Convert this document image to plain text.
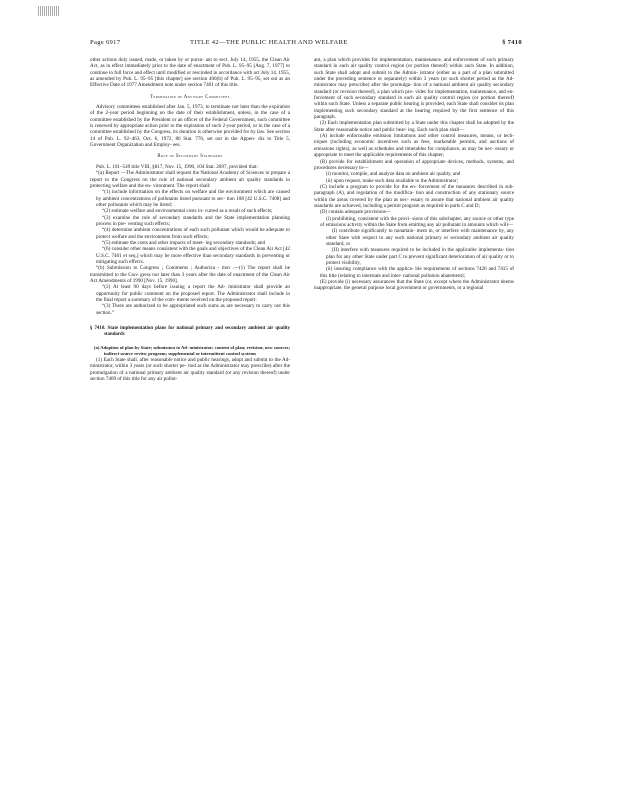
Page 6917	TITLE 42—THE PUBLIC HEALTH AND WELFARE	§ 7410

other actions duly issued, made, or taken by or pursu- ant to sect. July 14, 1955, the Clean Air Act, as in effect immediately prior to the date of enactment of Pub. L. 95–95 [Aug. 7, 1977] to continue in full force and effect until modified or rescinded in accordance with act July 14, 1955, as amended by Pub. L. 95–95 [this chapter] see section 406(b) of Pub. L. 95–95, set out as an Effective Date of 1977 Amendment note under section 7401 of this title.

Termination of Advisory Committees

Advisory committees established after Jan. 5, 1973, to terminate not later than the expiration of the 2-year period beginning on the date of their establishment, unless, in the case of a committee established by the President or an officer of the Federal Government, such committee is renewed by appropriate action prior to the expiration of such 2-year period, or in the case of a committee established by the Congress, its duration is otherwise provided for by law. See section 14 of Pub. L. 92–463, Oct. 6, 1972, 86 Stat. 776, set out in the Appen- dix to Title 5, Government Organization and Employ- ees.

Role of Secondary Standards

Pub. L. 101–549 title VIII, §817, Nov. 15, 1990, 104 Stat. 2697, provided that:

“(a) Report —The Administrator shall request the National Academy of Sciences to prepare a report to the Congress on the role of national secondary ambient air quality standards in protecting welfare and the en- vironment. The report shall:

“(1) include information on the effects on welfare and the environment which are caused by ambient concentrations of pollutants listed pursuant to sec- tion 108 [42 U.S.C. 7408] and other pollutants which may be listed;

“(2) estimate welfare and environmental costs in- curred as a result of such effects;

“(3) examine the role of secondary standards and the State implementation planning process in pre- venting such effects;

“(4) determine ambient concentrations of each such pollutant which would be adequate to protect welfare and the environment from such effects;

“(5) estimate the costs and other impacts of meet- ing secondary standards; and

“(6) consider other means consistent with the goals and objectives of the Clean Air Act [42 U.S.C. 7401 et seq.] which may be more effective than secondary standards in preventing or mitigating such effects.

“(b) Submission to Congress ; Comments ; Authoriza - tion .—(1) The report shall be transmitted to the Con- gress not later than 3 years after the date of enactment of the Clean Air Act Amendments of 1990 [Nov. 15, 1990].

“(2) At least 90 days before issuing a report the Ad- ministrator shall provide an opportunity for public comment on the proposed report. The Administrator shall include in the final report a summary of the com- ments received on the proposed report.

“(3) There are authorized to be appropriated such sums as are necessary to carry out this section.”

§ 7410. State implementation plans for national primary and secondary ambient air quality standards
(a) Adoption of plan by State; submission to Ad- ministrator; content of plan; revision; new sources; indirect source review program; supplemental or intermittent control systems

(1) Each State shall, after reasonable notice and public hearings, adopt and submit to the Ad- ministrator, within 3 years (or such shorter pe- riod as the Administrator may prescribe) after the promulgation of a national primary ambient air quality standard (or any revision thereof) under section 7409 of this title for any air pollut-

ant, a plan which provides for implementation, maintenance, and enforcement of such primary standard in each air quality control region (or portion thereof) within such State. In addition, such State shall adopt and submit to the Admin- istrator (either as a part of a plan submitted under the preceding sentence or separately) within 3 years (or such shorter period as the Ad- ministrator may prescribe) after the promulga- tion of a national ambient air quality secondary standard (or revision thereof), a plan which pro- vides for implementation, maintenance, and en- forcement of such secondary standard in each air quality control region (or portion thereof) within such State. Unless a separate public hearing is provided, each State shall consider its plan implementing such secondary standard at the hearing required by the first sentence of this paragraph.

(2) Each implementation plan submitted by a State under this chapter shall be adopted by the State after reasonable notice and public hear- ing. Each such plan shall—

(A) include enforceable emission limitations and other control measures, means, or tech- niques (including economic incentives such as fees, marketable permits, and auctions of emissions rights), as well as schedules and timetables for compliance, as may be nec- essary or appropriate to meet the applicable requirements of this chapter;

(B) provide for establishment and operation of appropriate devices, methods, systems, and procedures necessary to—

(i) monitor, compile, and analyze data on ambient air quality, and

(ii) upon request, make such data available to the Administrator;

(C) include a program to provide for the en- forcement of the measures described in sub- paragraph (A), and regulation of the modifica- tion and construction of any stationary source within the areas covered by the plan as nec- essary to assure that national ambient air quality standards are achieved, including a permit program as required in parts C and D;

(D) contain adequate provisions—

(i) prohibiting, consistent with the provi- sions of this subchapter, any source or other type of emissions activity within the State from emitting any air pollutant in amounts which will—

(I) contribute significantly to nonattain- ment in, or interfere with maintenance by, any other State with respect to any such national primary or secondary ambient air quality standard, or

(II) interfere with measures required to be included in the applicable implementa- tion plan for any other State under part C to prevent significant deterioration of air quality or to protect visibility,

(ii) insuring compliance with the applica- ble requirements of sections 7426 and 7415 of this title (relating to interstate and inter- national pollution abatement);

(E) provide (i) necessary assurances that the State (or, except where the Administrator deems inappropriate, the general purpose local government or governments, or a regional
